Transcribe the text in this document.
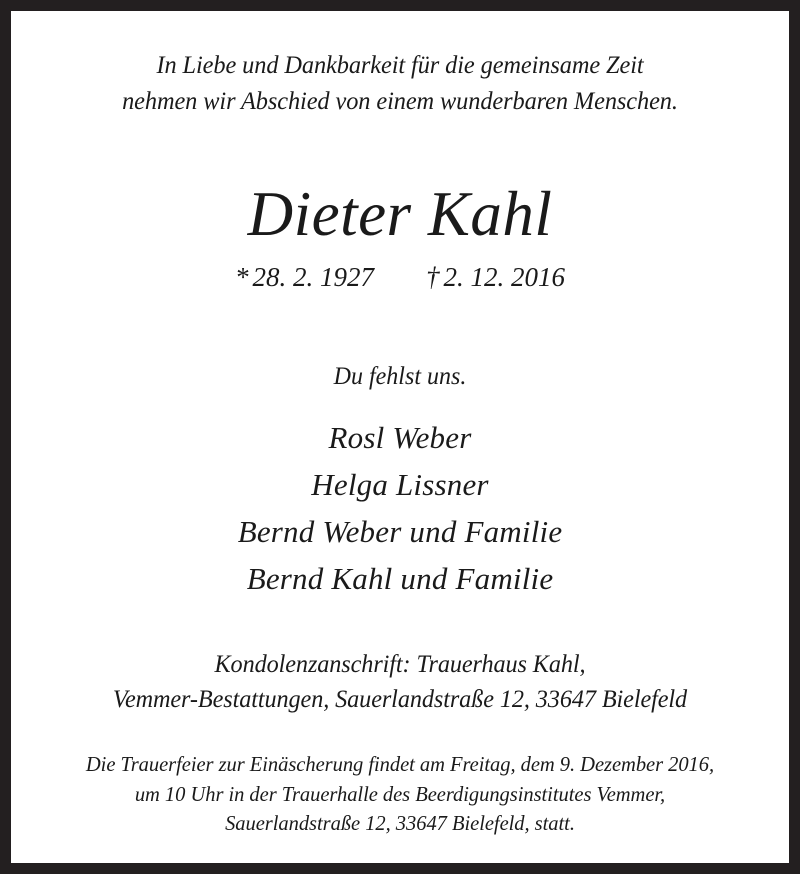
In Liebe und Dankbarkeit für die gemeinsame Zeit
nehmen wir Abschied von einem wunderbaren Menschen.
Dieter Kahl
* 28. 2. 1927 † 2. 12. 2016
Du fehlst uns.
Rosl Weber
Helga Lissner
Bernd Weber und Familie
Bernd Kahl und Familie
Kondolenzanschrift: Trauerhaus Kahl,
Vemmer-Bestattungen, Sauerlandstraße 12, 33647 Bielefeld
Die Trauerfeier zur Einäscherung findet am Freitag, dem 9. Dezember 2016,
um 10 Uhr in der Trauerhalle des Beerdigungsinstitutes Vemmer,
Sauerlandstraße 12, 33647 Bielefeld, statt.
